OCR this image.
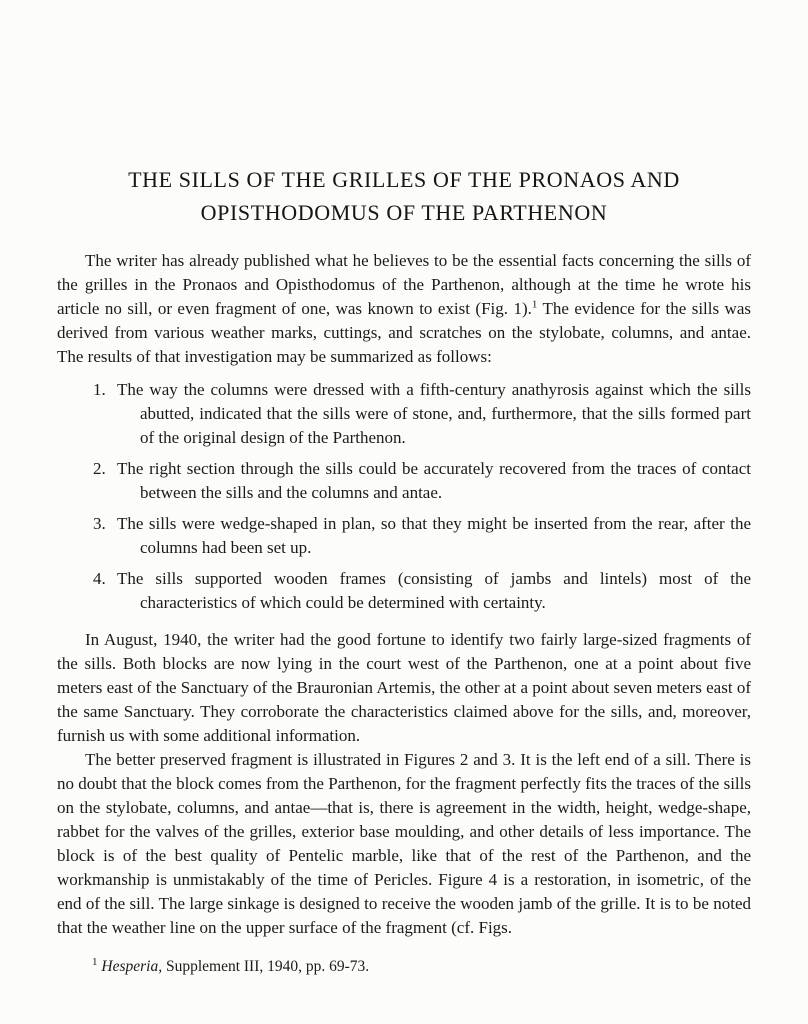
THE SILLS OF THE GRILLES OF THE PRONAOS AND
OPISTHODOMUS OF THE PARTHENON

The writer has already published what he believes to be the essential facts concerning the sills of the grilles in the Pronaos and Opisthodomus of the Parthenon, although at the time he wrote his article no sill, or even fragment of one, was known to exist (Fig. 1).$^1$ The evidence for the sills was derived from various weather marks, cuttings, and scratches on the stylobate, columns, and antae. The results of that investigation may be summarized as follows:

1. The way the columns were dressed with a fifth-century anathyrosis against which the sills abutted, indicated that the sills were of stone, and, furthermore, that the sills formed part of the original design of the Parthenon.
2. The right section through the sills could be accurately recovered from the traces of contact between the sills and the columns and antae.
3. The sills were wedge-shaped in plan, so that they might be inserted from the rear, after the columns had been set up.
4. The sills supported wooden frames (consisting of jambs and lintels) most of the characteristics of which could be determined with certainty.

In August, 1940, the writer had the good fortune to identify two fairly large-sized fragments of the sills. Both blocks are now lying in the court west of the Parthenon, one at a point about five meters east of the Sanctuary of the Brauronian Artemis, the other at a point about seven meters east of the same Sanctuary. They corroborate the characteristics claimed above for the sills, and, moreover, furnish us with some additional information.

The better preserved fragment is illustrated in Figures 2 and 3. It is the left end of a sill. There is no doubt that the block comes from the Parthenon, for the fragment perfectly fits the traces of the sills on the stylobate, columns, and antae—that is, there is agreement in the width, height, wedge-shape, rabbet for the valves of the grilles, exterior base moulding, and other details of less importance. The block is of the best quality of Pentelic marble, like that of the rest of the Parthenon, and the workmanship is unmistakably of the time of Pericles. Figure 4 is a restoration, in isometric, of the end of the sill. The large sinkage is designed to receive the wooden jamb of the grille. It is to be noted that the weather line on the upper surface of the fragment (cf. Figs.

$^1$ Hesperia, Supplement III, 1940, pp. 69-73.
